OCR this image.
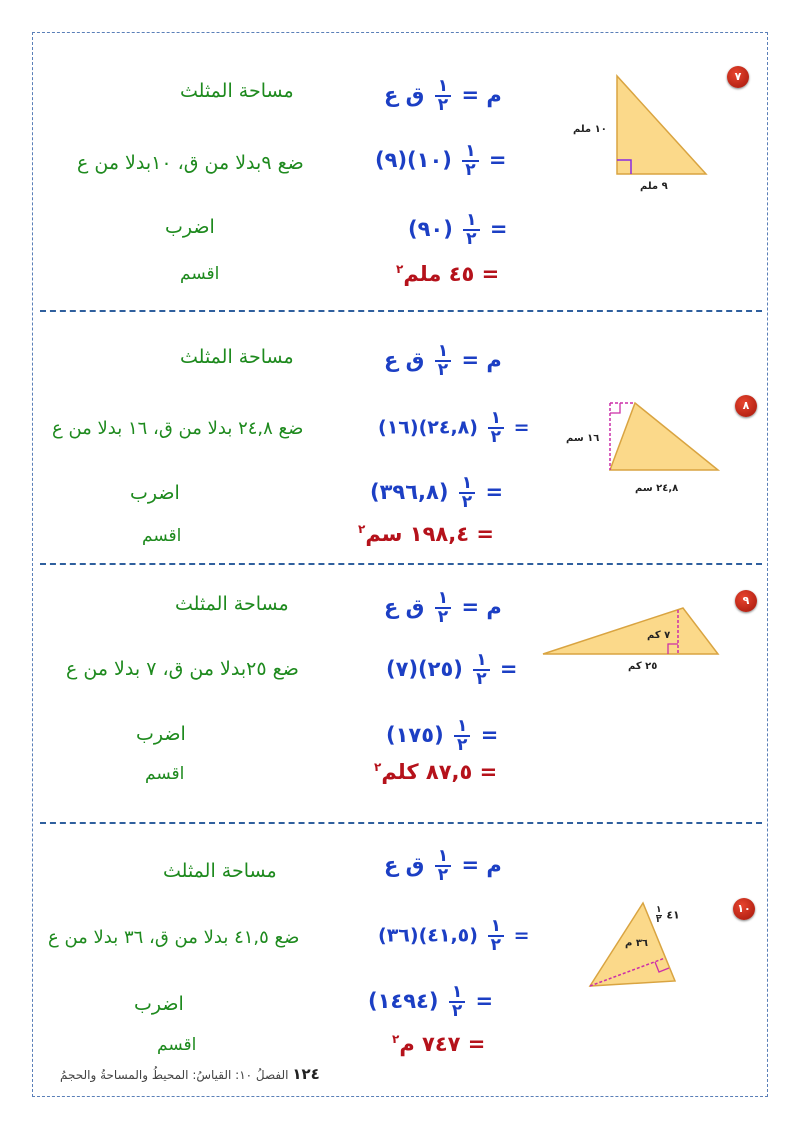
٧
١٠ ملم
٩ ملم
م =
$\frac{١}{٢}$
ق ع
مساحة المثلث
=
$\frac{١}{٢}$
(١٠)(٩)
ضع ٩بدلا من ق، ١٠بدلا من ع
=
$\frac{١}{٢}$
(٩٠)
اضرب
= ٤٥ ملم$^٢$
اقسم
٨
١٦ سم
٢٤,٨ سم
م =
$\frac{١}{٢}$
ق ع
مساحة المثلث
=
$\frac{١}{٢}$
(٢٤,٨)(١٦)
ضع ٢٤,٨ بدلا من ق، ١٦ بدلا من ع
=
$\frac{١}{٢}$
(٣٩٦,٨)
اضرب
= ١٩٨,٤ سم$^٢$
اقسم
٩
٧ كم
٢٥ كم
م =
$\frac{١}{٢}$
ق ع
مساحة المثلث
=
$\frac{١}{٢}$
(٢٥)(٧)
ضع ٢٥بدلا من ق، ٧ بدلا من ع
=
$\frac{١}{٢}$
(١٧٥)
اضرب
= ٨٧,٥ كلم$^٢$
اقسم
١٠
٣٦ م
٤١
$\frac{١}{٢}$
م =
$\frac{١}{٢}$
ق ع
مساحة المثلث
=
$\frac{١}{٢}$
(٤١,٥)(٣٦)
ضع ٤١,٥ بدلا من ق، ٣٦ بدلا من ع
=
$\frac{١}{٢}$
(١٤٩٤)
اضرب
= ٧٤٧ م$^٢$
اقسم
١٢٤ الفصلُ ١٠: القياسُ: المحيطُ والمساحةُ والحجمُ
